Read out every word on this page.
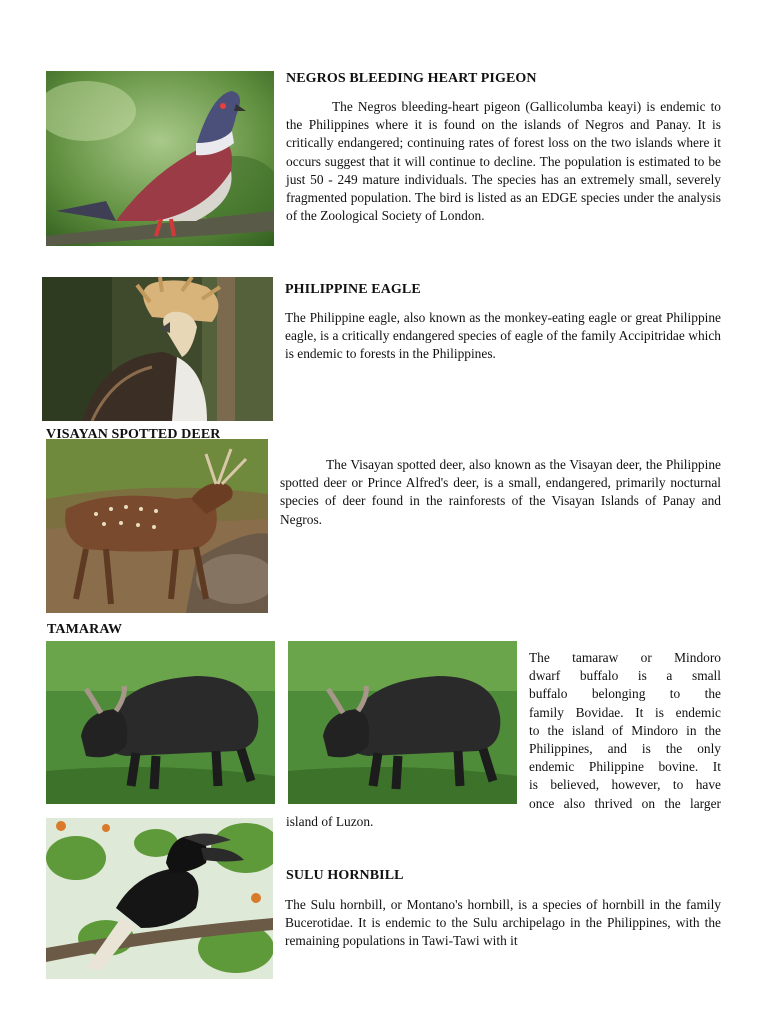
NEGROS BLEEDING HEART PIGEON
The Negros bleeding-heart pigeon (Gallicolumba keayi) is endemic to the Philippines where it is found on the islands of Negros and Panay. It is critically endangered; continuing rates of forest loss on the two islands where it occurs suggest that it will continue to decline. The population is estimated to be just 50 - 249 mature individuals. The species has an extremely small, severely fragmented population. The bird is listed as an EDGE species under the analysis of the Zoological Society of London.
PHILIPPINE EAGLE
The Philippine eagle, also known as the monkey-eating eagle or great Philippine eagle, is a critically endangered species of eagle of the family Accipitridae which is endemic to forests in the Philippines.
VISAYAN SPOTTED DEER
The Visayan spotted deer, also known as the Visayan deer, the Philippine spotted deer or Prince Alfred's deer, is a small, endangered, primarily nocturnal species of deer found in the rainforests of the Visayan Islands of Panay and Negros.
TAMARAW
The tamaraw or Mindoro
dwarf buffalo is a small
buffalo belonging to the
family Bovidae. It is endemic
to the island of Mindoro in the
Philippines, and is the only
endemic Philippine bovine. It
is believed, however, to have
once also thrived on the larger
island of Luzon.
SULU HORNBILL
The Sulu hornbill, or Montano's hornbill, is a species of hornbill in the family Bucerotidae. It is endemic to the Sulu archipelago in the Philippines, with the remaining populations in Tawi-Tawi with it
